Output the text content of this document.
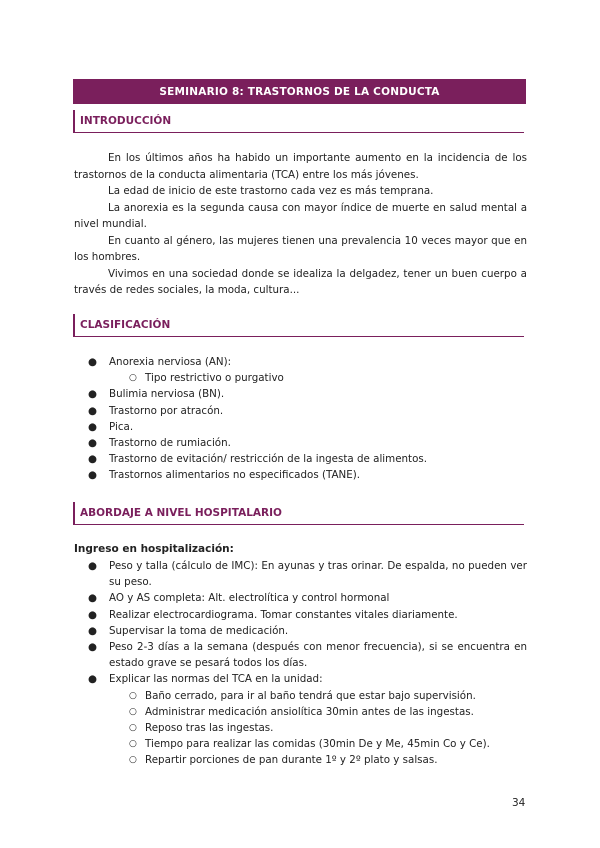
SEMINARIO 8: TRASTORNOS DE LA CONDUCTA
INTRODUCCIÓN

En los últimos años ha habido un importante aumento en la incidencia de los trastornos de la conducta alimentaria (TCA) entre los más jóvenes.

La edad de inicio de este trastorno cada vez es más temprana.

La anorexia es la segunda causa con mayor índice de muerte en salud mental a nivel mundial.

En cuanto al género, las mujeres tienen una prevalencia 10 veces mayor que en los hombres.

Vivimos en una sociedad donde se idealiza la delgadez, tener un buen cuerpo a través de redes sociales, la moda, cultura...

CLASIFICACIÓN
● Anorexia nerviosa (AN):
○ Tipo restrictivo o purgativo
● Bulimia nerviosa (BN).
● Trastorno por atracón.
● Pica.
● Trastorno de rumiación.
● Trastorno de evitación/ restricción de la ingesta de alimentos.
● Trastornos alimentarios no especificados (TANE).
ABORDAJE A NIVEL HOSPITALARIO
Ingreso en hospitalización:
● Peso y talla (cálculo de IMC): En ayunas y tras orinar. De espalda, no pueden ver su peso.
● AO y AS completa: Alt. electrolítica y control hormonal
● Realizar electrocardiograma. Tomar constantes vitales diariamente.
● Supervisar la toma de medicación.
● Peso 2-3 días a la semana (después con menor frecuencia), si se encuentra en estado grave se pesará todos los días.
● Explicar las normas del TCA en la unidad:
○ Baño cerrado, para ir al baño tendrá que estar bajo supervisión.
○ Administrar medicación ansiolítica 30min antes de las ingestas.
○ Reposo tras las ingestas.
○ Tiempo para realizar las comidas (30min De y Me, 45min Co y Ce).
○ Repartir porciones de pan durante 1º y 2º plato y salsas.
34
